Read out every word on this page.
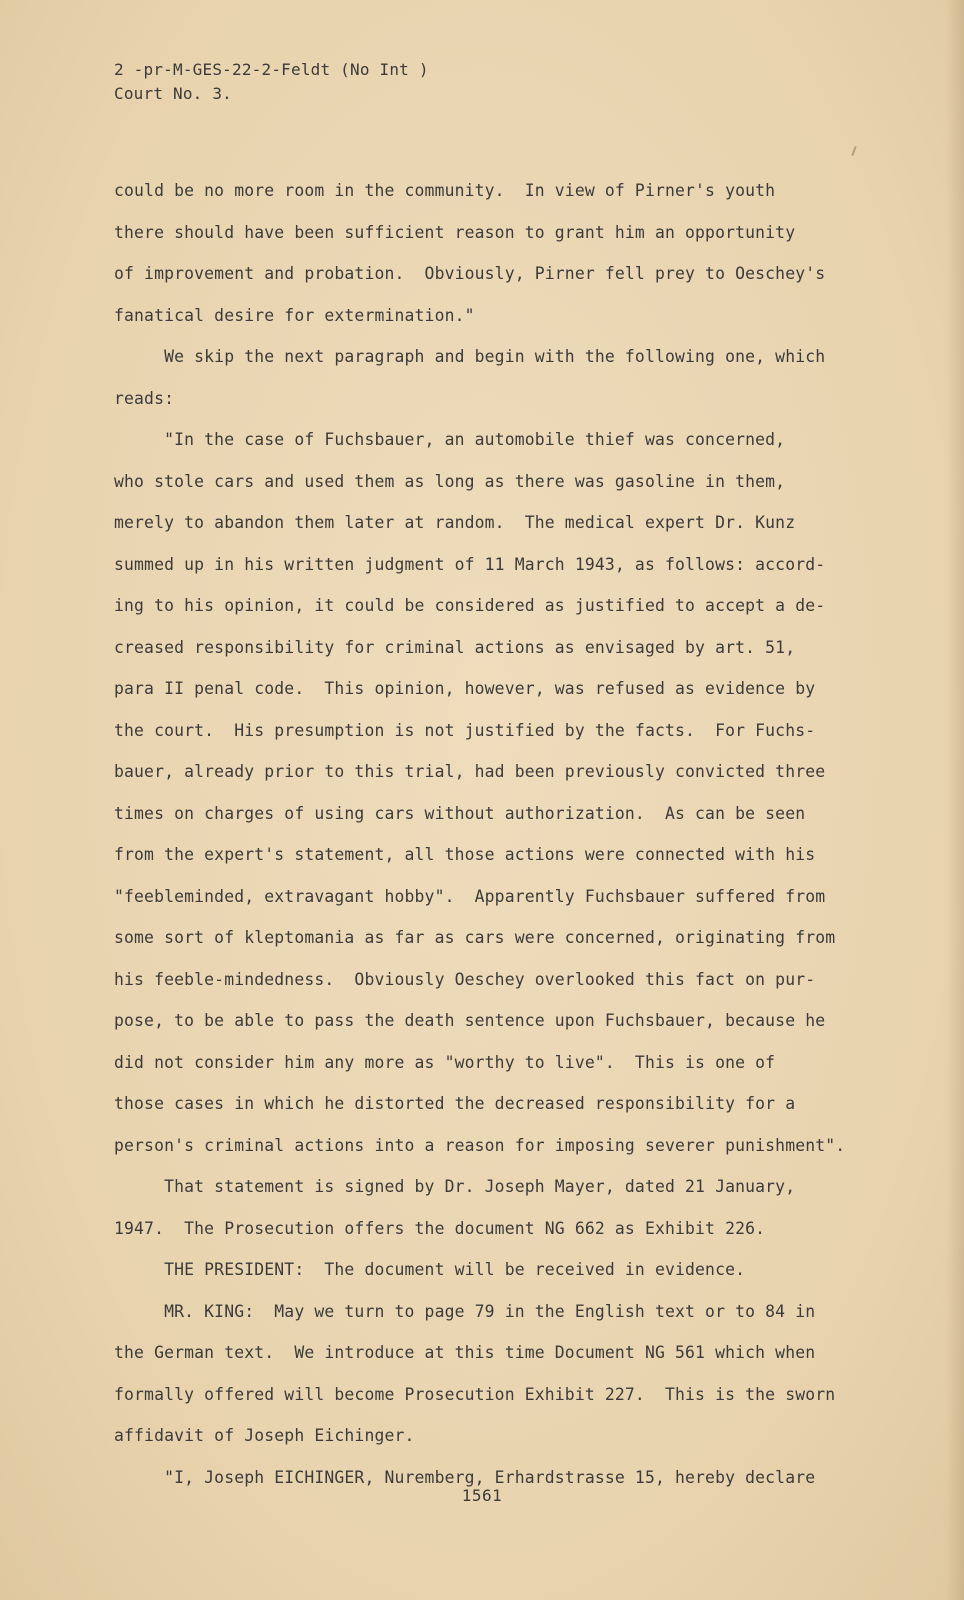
2 -pr-M-GES-22-2-Feldt (No Int )
Court No. 3.
could be no more room in the community.  In view of Pirner's youth
there should have been sufficient reason to grant him an opportunity
of improvement and probation.  Obviously, Pirner fell prey to Oeschey's
fanatical desire for extermination."
We skip the next paragraph and begin with the following one, which
reads:
"In the case of Fuchsbauer, an automobile thief was concerned,
who stole cars and used them as long as there was gasoline in them,
merely to abandon them later at random.  The medical expert Dr. Kunz
summed up in his written judgment of 11 March 1943, as follows: accord-
ing to his opinion, it could be considered as justified to accept a de-
creased responsibility for criminal actions as envisaged by art. 51,
para II penal code.  This opinion, however, was refused as evidence by
the court.  His presumption is not justified by the facts.  For Fuchs-
bauer, already prior to this trial, had been previously convicted three
times on charges of using cars without authorization.  As can be seen
from the expert's statement, all those actions were connected with his
"feebleminded, extravagant hobby".  Apparently Fuchsbauer suffered from
some sort of kleptomania as far as cars were concerned, originating from
his feeble-mindedness.  Obviously Oeschey overlooked this fact on pur-
pose, to be able to pass the death sentence upon Fuchsbauer, because he
did not consider him any more as "worthy to live".  This is one of
those cases in which he distorted the decreased responsibility for a
person's criminal actions into a reason for imposing severer punishment".
That statement is signed by Dr. Joseph Mayer, dated 21 January,
1947.  The Prosecution offers the document NG 662 as Exhibit 226.
THE PRESIDENT:  The document will be received in evidence.
MR. KING:  May we turn to page 79 in the English text or to 84 in
the German text.  We introduce at this time Document NG 561 which when
formally offered will become Prosecution Exhibit 227.  This is the sworn
affidavit of Joseph Eichinger.
"I, Joseph EICHINGER, Nuremberg, Erhardstrasse 15, hereby declare
1561
